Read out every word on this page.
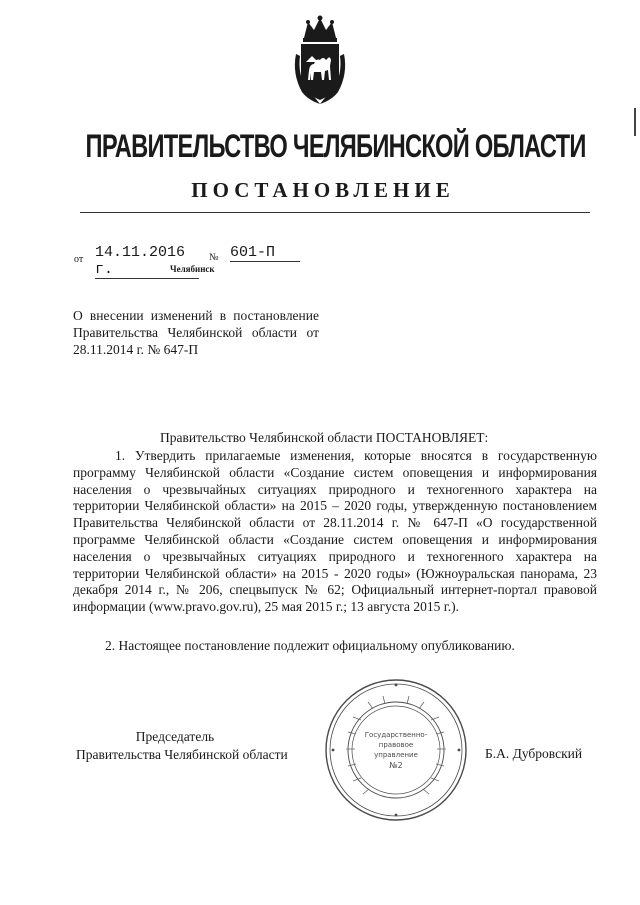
ПРАВИТЕЛЬСТВО ЧЕЛЯБИНСКОЙ ОБЛАСТИ
ПОСТАНОВЛЕНИЕ
от 14.11.2016 г.
№ 601-П
Челябинск
О внесении изменений в постановление Правительства Челябинской области от 28.11.2014 г. № 647-П
Правительство Челябинской области ПОСТАНОВЛЯЕТ:
1. Утвердить прилагаемые изменения, которые вносятся в государственную программу Челябинской области «Создание систем оповещения и информирования населения о чрезвычайных ситуациях природного и техногенного характера на территории Челябинской области» на 2015 – 2020 годы, утвержденную постановлением Правительства Челябинской области от 28.11.2014 г. № 647-П «О государственной программе Челябинской области «Создание систем оповещения и информирования населения о чрезвычайных ситуациях природного и техногенного характера на территории Челябинской области» на 2015 - 2020 годы» (Южноуральская панорама, 23 декабря 2014 г., № 206, спецвыпуск № 62; Официальный интернет-портал правовой информации (www.pravo.gov.ru), 25 мая 2015 г.; 13 августа 2015 г.).
2. Настоящее постановление подлежит официальному опубликованию.
Председатель
Правительства Челябинской области	Б.А. Дубровский
Государственно-
правовое
управление
№2
